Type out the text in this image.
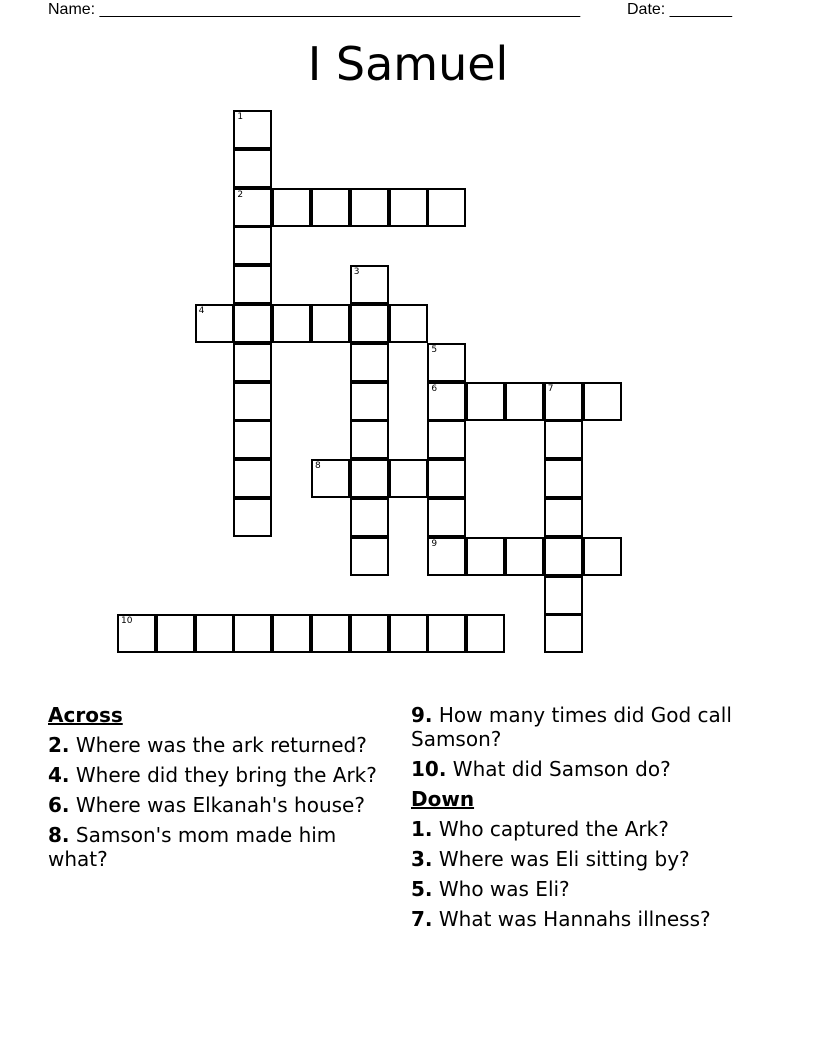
Name: ______________________________________________________	Date: _______
I Samuel
1
2
3
4
5
6
9
7
8
10
Across
2. Where was the ark returned?
4. Where did they bring the Ark?
6. Where was Elkanah's house?
8. Samson's mom made him what?
9. How many times did God call Samson?
10. What did Samson do?
Down
1. Who captured the Ark?
3. Where was Eli sitting by?
5. Who was Eli?
7. What was Hannahs illness?
